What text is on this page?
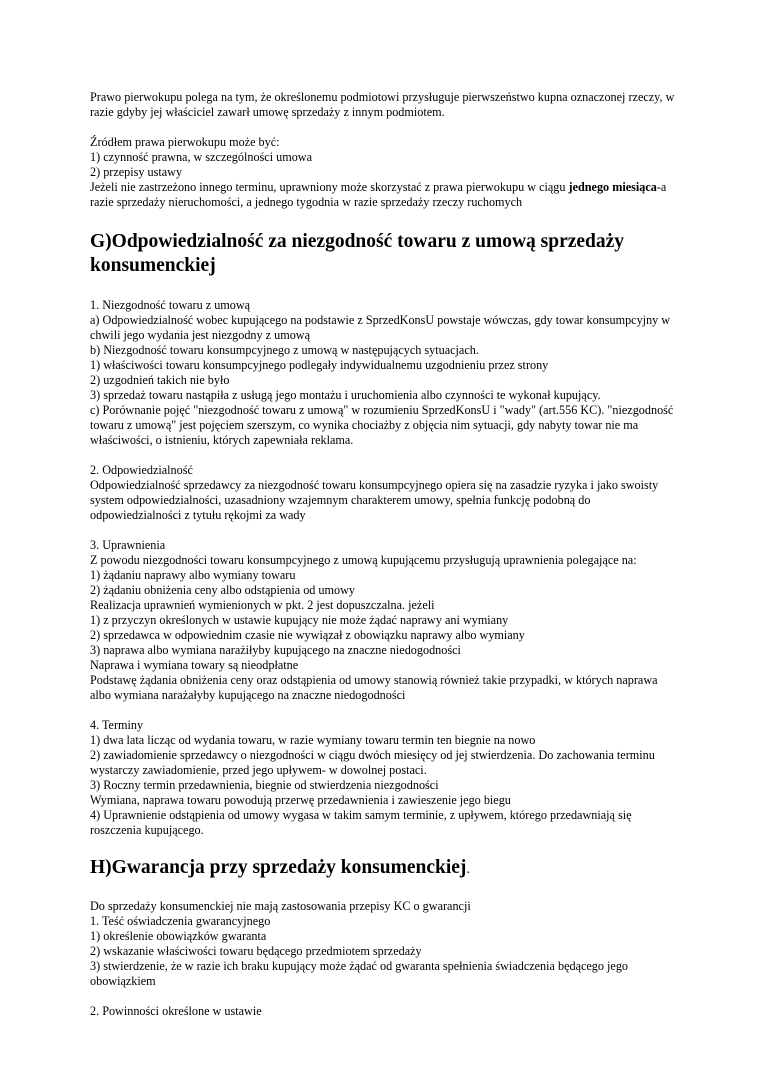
Prawo pierwokupu polega na tym, że określonemu podmiotowi przysługuje pierwszeństwo kupna oznaczonej rzeczy, w razie gdyby jej właściciel zawarł umowę sprzedaży z innym podmiotem.

Źródłem prawa pierwokupu może być:

1) czynność prawna, w szczególności umowa

2) przepisy ustawy

Jeżeli nie zastrzeżono innego terminu, uprawniony może skorzystać z prawa pierwokupu w ciągu jednego miesiąca-a razie sprzedaży nieruchomości, a jednego tygodnia w razie sprzedaży rzeczy ruchomych

G)Odpowiedzialność za niezgodność towaru z umową sprzedaży konsumenckiej

1. Niezgodność towaru z umową

a) Odpowiedzialność wobec kupującego na podstawie z SprzedKonsU powstaje wówczas, gdy towar konsumpcyjny w chwili jego wydania jest niezgodny z umową

b) Niezgodność towaru konsumpcyjnego z umową w następujących sytuacjach.

1) właściwości towaru konsumpcyjnego podlegały indywidualnemu uzgodnieniu przez strony

2) uzgodnień takich nie było

3) sprzedaż towaru nastąpiła z usługą jego montażu i uruchomienia albo czynności te wykonał kupujący.

c) Porównanie pojęć "niezgodność towaru z umową" w rozumieniu SprzedKonsU i "wady" (art.556 KC). "niezgodność towaru z umową" jest pojęciem szerszym, co wynika chociażby z objęcia nim sytuacji, gdy nabyty towar nie ma właściwości, o istnieniu, których zapewniała reklama.

2. Odpowiedzialność

Odpowiedzialność sprzedawcy za niezgodność towaru konsumpcyjnego opiera się na zasadzie ryzyka i jako swoisty system odpowiedzialności, uzasadniony wzajemnym charakterem umowy, spełnia funkcję podobną do odpowiedzialności z tytułu rękojmi za wady

3. Uprawnienia

Z powodu niezgodności towaru konsumpcyjnego z umową kupującemu przysługują uprawnienia polegające na:

1) żądaniu naprawy albo wymiany towaru

2) żądaniu obniżenia ceny albo odstąpienia od umowy

Realizacja uprawnień wymienionych w pkt. 2 jest dopuszczalna. jeżeli

1) z przyczyn określonych w ustawie kupujący nie może żądać naprawy ani wymiany

2) sprzedawca w odpowiednim czasie nie wywiązał z obowiązku naprawy albo wymiany

3) naprawa albo wymiana narażiłyby kupującego na znaczne niedogodności

Naprawa i wymiana towary są nieodpłatne

Podstawę żądania obniżenia ceny oraz odstąpienia od umowy stanowią również takie przypadki, w których naprawa albo wymiana narażałyby kupującego na znaczne niedogodności

4. Terminy

1) dwa lata licząc od wydania towaru, w razie wymiany towaru termin ten biegnie na nowo

2) zawiadomienie sprzedawcy o niezgodności w ciągu dwóch miesięcy od jej stwierdzenia. Do zachowania terminu wystarczy zawiadomienie, przed jego upływem- w dowolnej postaci.

3) Roczny termin przedawnienia, biegnie od stwierdzenia niezgodności

Wymiana, naprawa towaru powodują przerwę przedawnienia i zawieszenie jego biegu

4) Uprawnienie odstąpienia od umowy wygasa w takim samym terminie, z upływem, którego przedawniają się roszczenia kupującego.

H)Gwarancja przy sprzedaży konsumenckiej.

Do sprzedaży konsumenckiej nie mają zastosowania przepisy KC o gwarancji

1. Teść oświadczenia gwarancyjnego

1) określenie obowiązków gwaranta

2) wskazanie właściwości towaru będącego przedmiotem sprzedaży

3) stwierdzenie, że w razie ich braku kupujący może żądać od gwaranta spełnienia świadczenia będącego jego obowiązkiem

2. Powinności określone w ustawie
